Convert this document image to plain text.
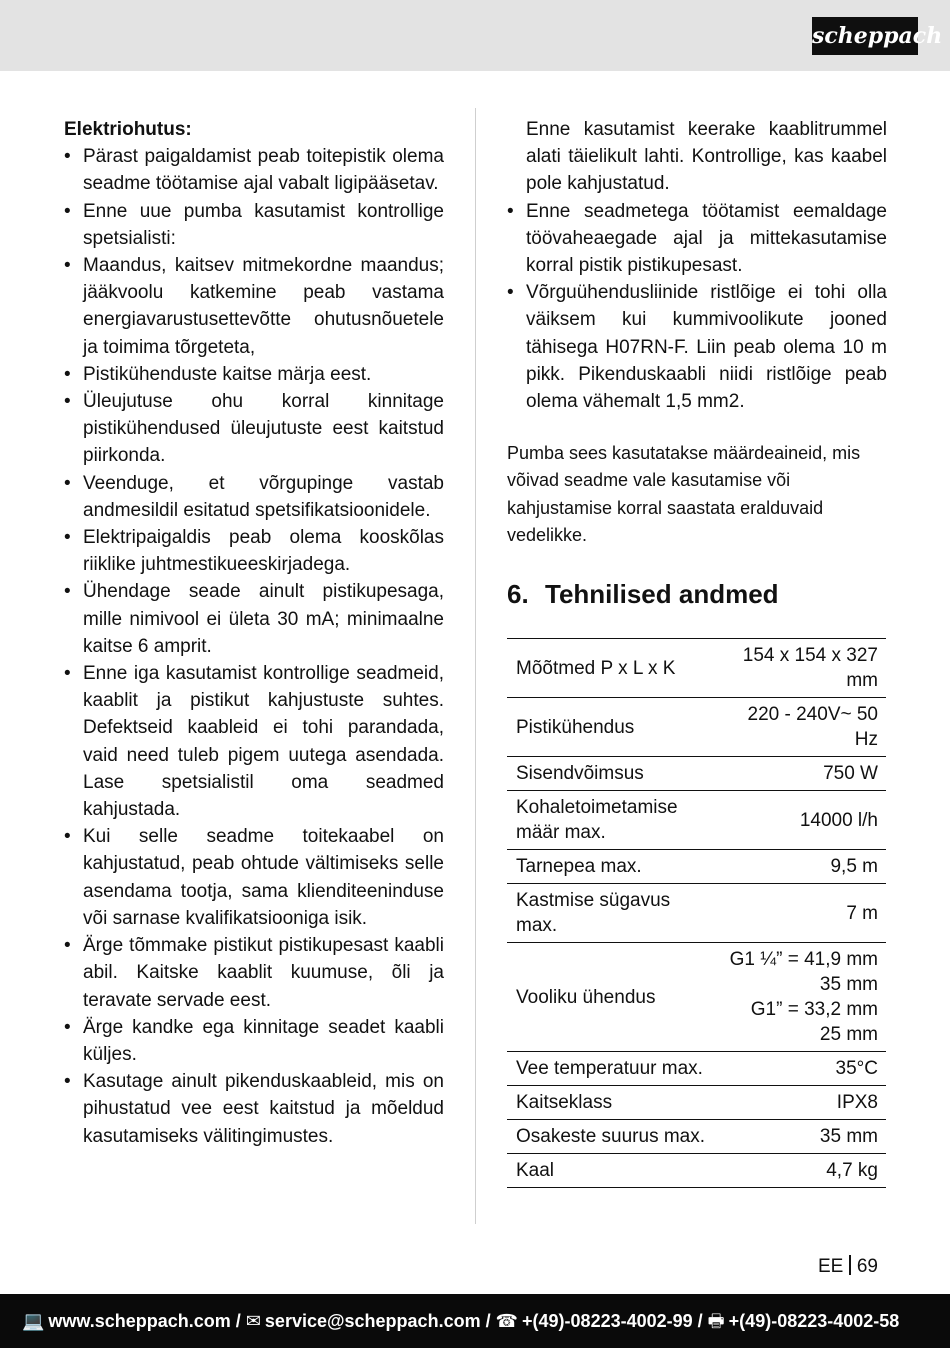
scheppach
Elektriohutus:
• Pärast paigaldamist peab toitepistik olema seadme töötamise ajal vabalt ligipääsetav.
• Enne uue pumba kasutamist kontrollige spetsialisti:
• Maandus, kaitsev mitmekordne maandus; jääkvoolu katkemine peab vastama energiavarustusettevõtte ohutusnõuetele ja toimima tõrgeteta,
• Pistikühenduste kaitse märja eest.
• Üleujutuse ohu korral kinnitage pistikühendused üleujutuste eest kaitstud piirkonda.
• Veenduge, et võrgupinge vastab andmesildil esitatud spetsifikatsioonidele.
• Elektripaigaldis peab olema kooskõlas riiklike juhtmestikueeskirjadega.
• Ühendage seade ainult pistikupesaga, mille nimivool ei ületa 30 mA; minimaalne kaitse 6 amprit.
• Enne iga kasutamist kontrollige seadmeid, kaablit ja pistikut kahjustuste suhtes. Defektseid kaableid ei tohi parandada, vaid need tuleb pigem uutega asendada. Lase spetsialistil oma seadmed kahjustada.
• Kui selle seadme toitekaabel on kahjustatud, peab ohtude vältimiseks selle asendama tootja, sama klienditeeninduse või sarnase kvalifikatsiooniga isik.
• Ärge tõmmake pistikut pistikupesast kaabli abil. Kaitske kaablit kuumuse, õli ja teravate servade eest.
• Ärge kandke ega kinnitage seadet kaabli küljes.
• Kasutage ainult pikenduskaableid, mis on pihustatud vee eest kaitstud ja mõeldud kasutamiseks välitingimustes.
Enne kasutamist keerake kaablitrummel alati täielikult lahti. Kontrollige, kas kaabel pole kahjustatud.
• Enne seadmetega töötamist eemaldage töövaheaegade ajal ja mittekasutamise korral pistik pistikupesast.
• Võrguühendusliinide ristlõige ei tohi olla väiksem kui kummivoolikute jooned tähisega H07RN-F. Liin peab olema 10 m pikk. Pikenduskaabli niidi ristlõige peab olema vähemalt 1,5 mm2.
Pumba sees kasutatakse määrdeaineid, mis võivad seadme vale kasutamise või kahjustamise korral saastata eralduvaid vedelikke.
6. Tehnilised andmed
Mõõtmed P x L x K	154 x 154 x 327 mm
Pistikühendus	220 - 240V~ 50 Hz
Sisendvõimsus	750 W
Kohaletoimetamise määr max.	14000 l/h
Tarnepea max.	9,5 m
Kastmise sügavus max.	7 m
Vooliku ühendus	G1 ¼” = 41,9 mm
35 mm
G1” = 33,2 mm
25 mm

Vee temperatuur max.	35°C
Kaitseklass	IPX8
Osakeste suurus max.	35 mm
Kaal	4,7 kg
EE 69
💻 www.scheppach.com / ✉ service@scheppach.com / ☎ +(49)-08223-4002-99 / 🖶 +(49)-08223-4002-58
